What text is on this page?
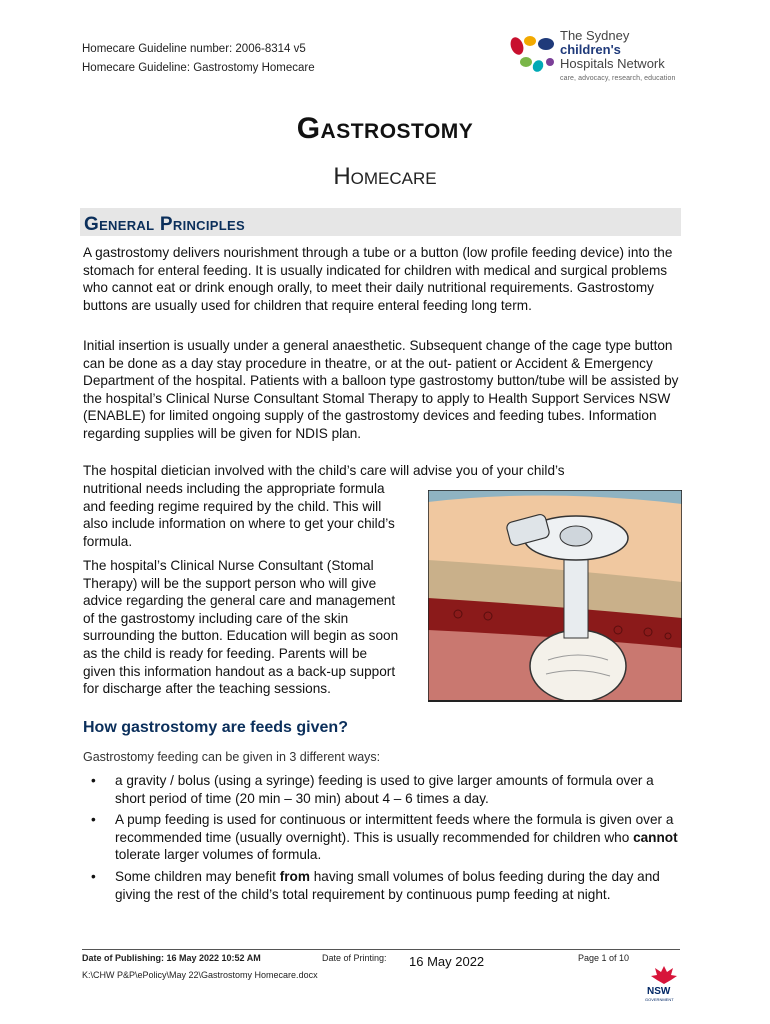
Homecare Guideline number: 2006-8314 v5
Homecare Guideline: Gastrostomy Homecare
The Sydney
children's
Hospitals Network
care, advocacy, research, education
Gastrostomy
Homecare
General Principles
A gastrostomy delivers nourishment through a tube or a button (low profile feeding device) into the stomach for enteral feeding. It is usually indicated for children with medical and surgical problems who cannot eat or drink enough orally, to meet their daily nutritional requirements. Gastrostomy buttons are usually used for children that require enteral feeding long term.
Initial insertion is usually under a general anaesthetic. Subsequent change of the cage type button can be done as a day stay procedure in theatre, or at the out- patient or Accident & Emergency Department of the hospital. Patients with a balloon type gastrostomy button/tube will be assisted by the hospital’s Clinical Nurse Consultant Stomal Therapy to apply to Health Support Services NSW (ENABLE) for limited ongoing supply of the gastrostomy devices and feeding tubes. Information regarding supplies will be given for NDIS plan.
The hospital dietician involved with the child’s care will advise you of your child’s
nutritional needs including the appropriate formula and feeding regime required by the child. This will also include information on where to get your child’s formula.
The hospital’s Clinical Nurse Consultant (Stomal Therapy) will be the support person who will give advice regarding the general care and management of the gastrostomy including care of the skin surrounding the button. Education will begin as soon as the child is ready for feeding. Parents will be given this information handout as a back-up support for discharge after the teaching sessions.
How gastrostomy are feeds given?
Gastrostomy feeding can be given in 3 different ways:
• a gravity / bolus (using a syringe) feeding is used to give larger amounts of formula over a short period of time (20 min – 30 min) about 4 – 6 times a day.
• A pump feeding is used for continuous or intermittent feeds where the formula is given over a recommended time (usually overnight). This is usually recommended for children who cannot tolerate larger volumes of formula.
• Some children may benefit from having small volumes of bolus feeding during the day and giving the rest of the child’s total requirement by continuous pump feeding at night.
Date of Publishing: 16 May 2022 10:52 AM	Date of Printing: 16 May 2022	Page 1 of 10
K:\CHW P&P\ePolicy\May 22\Gastrostomy Homecare.docx
NSW
GOVERNMENT
